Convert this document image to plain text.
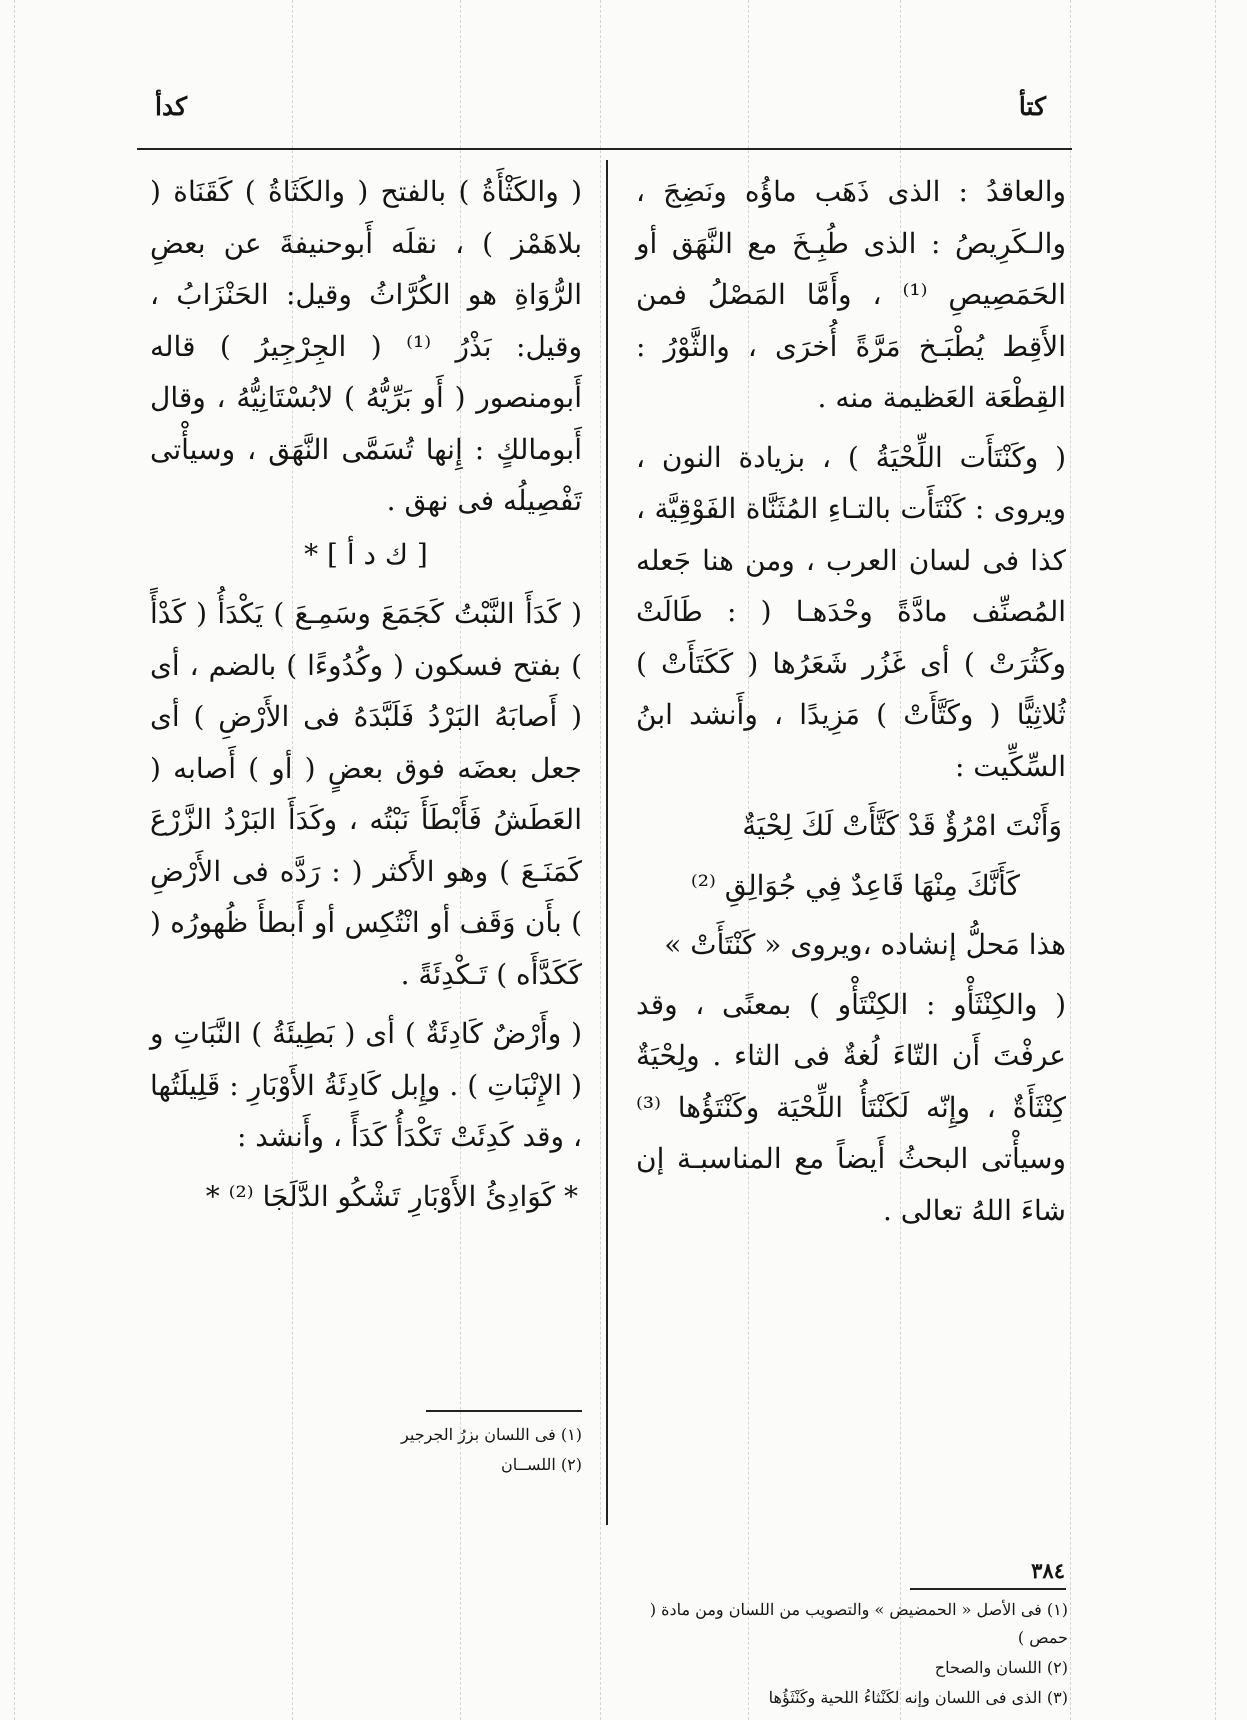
كتأ
كدأ

والعاقدُ : الذى ذَهَب ماؤُه ونَضِجَ ، والـكَرِيصُ : الذى طُبِـخَ مع النَّهَق أو الحَمَصِيصِ ⁽¹⁾ ، وأَمَّا المَصْلُ فمن الأَقِط يُطْبَـخ مَرَّةً أُخرَى ، والثَّوْرُ : القِطْعَة العَظيمة منه .

( وكَنْتَأَت اللِّحْيَةُ ) ، بزيادة النون ، ويروى : كَنْتَأَت بالتـاءِ المُثَنَّاة الفَوْقِيَّة ، كذا فى لسان العرب ، ومن هنا جَعله المُصنِّف مادَّةً وحْدَهـا ( : طَالَتْ وكَثُرَتْ ) أى غَزُر شَعَرُها ( كَكَتَأَتْ ) ثُلاثِيًّا ( وكَتَّأَتْ ) مَزِيدًا ، وأَنشد ابنُ السِّكِّيت :

وَأَنْتَ امْرُؤٌ قَدْ كَتَّأَتْ لَكَ لِحْيَةٌ

كَأَنَّكَ مِنْهَا قَاعِدٌ فِي جُوَالِقِ ⁽²⁾

هذا مَحلُّ إنشاده ،ويروى « كَنْتَأَتْ »

( والكِنْثَأْو : الكِنْتَأْو ) بمعنًى ، وقد عرفْتَ أَن التّاءَ لُغةٌ فى الثاء . ولِحْيَةٌ كِنْثَأَةٌ ، وإِنّه لَكَنْتَأُ اللِّحْيَة وكَنْتَؤُها ⁽³⁾ وسيأْتى البحثُ أَيضاً مع المناسبـة إن شاءَ اللهُ تعالى .

( والكَثْأَةُ ) بالفتح ( والكَثَاةُ ) كَقَنَاة ( بلاهَمْز ) ، نقلَه أَبوحنيفةَ عن بعضِ الرُّوَاةِ هو الكُرَّاثُ وقيل: الحَنْزَابُ ، وقيل: بَذْرُ ⁽¹⁾ ( الجِرْجِيرُ ) قاله أَبومنصور ( أَو بَرِّيُّهُ ) لابُسْتَانِيُّهُ ، وقال أَبومالكٍ : إِنها تُسَمَّى النَّهَق ، وسيأْتى تَفْصِيلُه فى نهق .

[ ك د أ ] *

( كَدَأَ النَّبْتُ كَجَمَعَ وسَمِـعَ ) يَكْدَأُ ( كَدْأً ) بفتح فسكون ( وكُدُوءًا ) بالضم ، أى ( أَصابَهُ البَرْدُ فَلَبَّدَهُ فى الأَرْضِ ) أى جعل بعضَه فوق بعضٍ ( أو ) أَصابه ( العَطَشُ فَأَبْطَأَ نَبْتُه ، وكَدَأَ البَرْدُ الزَّرْعَ كَمَنَـعَ ) وهو الأَكثر ( : رَدَّه فى الأَرْضِ ) بأَن وَقَف أو انْتُكِس أو أَبطأَ ظُهورُه ( كَكَدَّأَه ) تَـكْدِئَةً .

( وأَرْضٌ كَادِئَةٌ ) أى ( بَطِيئَةُ ) النَّبَاتِ و ( الإِنْبَاتِ ) . وإِبل كَادِئَةُ الأَوْبَارِ : قَلِيلَتُها ، وقد كَدِئَتْ تَكْدَأُ كَدَأً ، وأَنشد :

* كَوَادِئُ الأَوْبَارِ تَشْكُو الدَّلَجَا ⁽²⁾ *

(١) فى الأصل « الحمضيض » والتصويب من اللسان ومن مادة ( حمص )
(٢) اللسان والصحاح
(٣) الذى فى اللسان وإنه لكَنْثاءُ اللحية وكَنْثَؤُها
(١) فى اللسان بزرُ الجرجير
(٢) اللســان
٣٨٤
